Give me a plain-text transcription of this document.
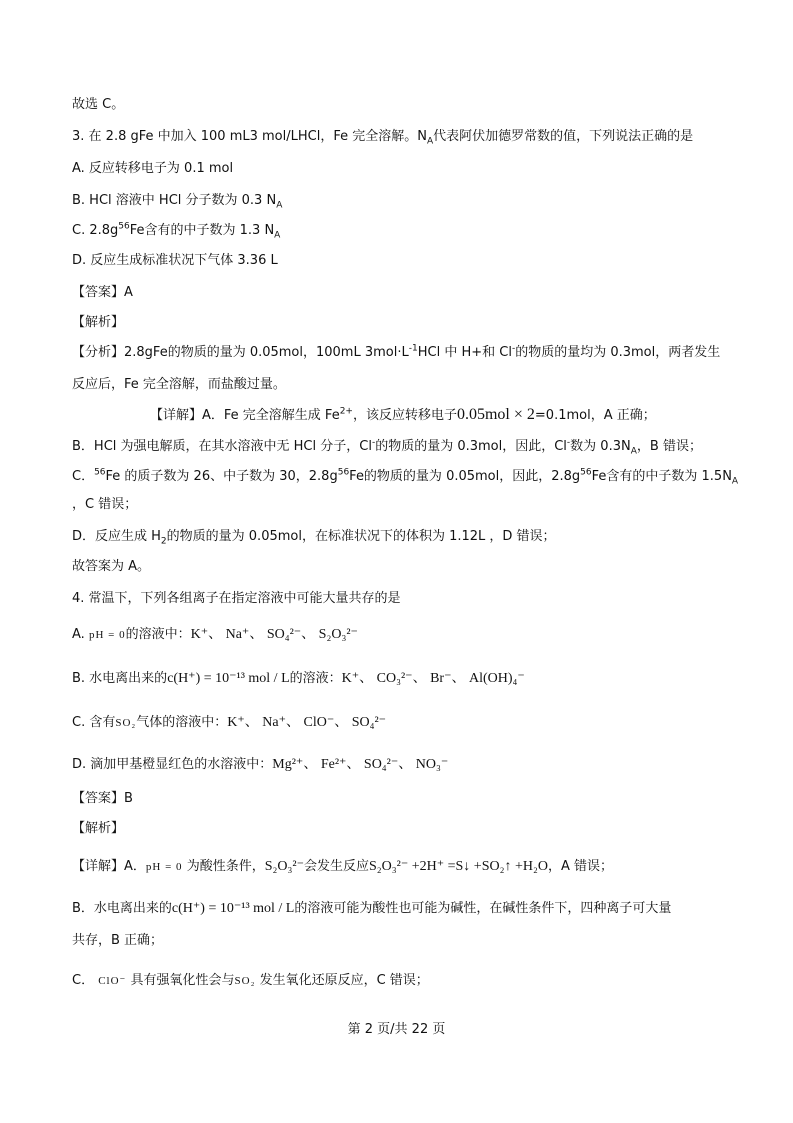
故选 C。
3. 在 2.8 gFe 中加入 100 mL3 mol/LHCl，Fe 完全溶解。$N_A$代表阿伏加德罗常数的值，下列说法正确的是
A. 反应转移电子为 0.1 mol
B. HCl 溶液中 HCl 分子数为 0.3 $N_A$
C. $2.8g^{56}Fe$含有的中子数为 1.3 $N_A$
D. 反应生成标准状况下气体 3.36 L
【答案】A
【解析】
【分析】2.8gFe的物质的量为 0.05mol，100mL $3mol\cdot L^{-1}HCl$ 中 H+和 Cl-的物质的量均为 0.3mol，两者发生
反应后，Fe 完全溶解，而盐酸过量。
【详解】A．Fe 完全溶解生成 $Fe^{2+}$，该反应转移电子0.05mol × 2=0.1mol，A 正确；
B．HCl 为强电解质，在其水溶液中无 HCl 分子，Cl-的物质的量为 0.3mol，因此，Cl-数为 $0.3N_A$，B 错误；
C．$^{56}$Fe 的质子数为 26、中子数为 30，$2.8g^{56}Fe$的物质的量为 0.05mol，因此，$2.8g^{56}Fe$含有的中子数为 $1.5N_A$
，C 错误；
D．反应生成 $H_2$的物质的量为 0.05mol，在标准状况下的体积为 1.12L ，D 错误；
故答案为 A。
4. 常温下，下列各组离子在指定溶液中可能大量共存的是
A. pH = 0的溶液中：K⁺、 Na⁺、 SO₄²⁻、 S₂O₃²⁻
B. 水电离出来的c(H⁺) = 10⁻¹³ mol / L的溶液：K⁺、 CO₃²⁻、 Br⁻、 Al(OH)₄⁻
C. 含有SO₂气体的溶液中：K⁺、 Na⁺、 ClO⁻、 SO₄²⁻
D. 滴加甲基橙显红色的水溶液中：Mg²⁺、 Fe²⁺、 SO₄²⁻、 NO₃⁻
【答案】B
【解析】
【详解】A．pH = 0 为酸性条件，S₂O₃²⁻会发生反应S₂O₃²⁻ +2H⁺ =S↓ +SO₂↑ +H₂O，A 错误；
B．水电离出来的c(H⁺) = 10⁻¹³ mol / L的溶液可能为酸性也可能为碱性，在碱性条件下，四种离子可大量
共存，B 正确；
C． ClO⁻ 具有强氧化性会与SO₂ 发生氧化还原反应，C 错误；
第 2 页/共 22 页
